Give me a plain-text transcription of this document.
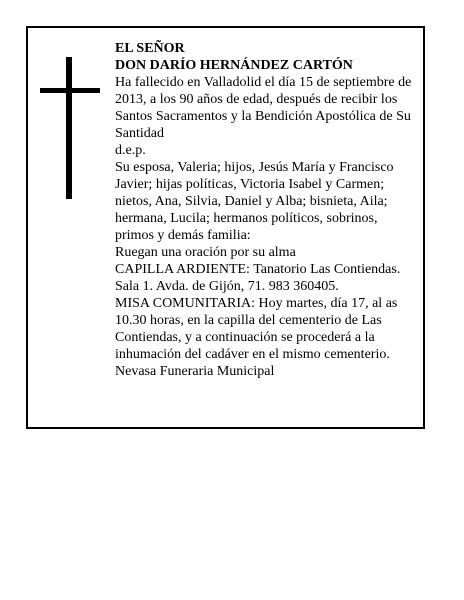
EL SEÑOR

DON DARÍO HERNÁNDEZ CARTÓN

Ha fallecido en Valladolid el día 15 de septiembre de 2013, a los 90 años de edad, después de recibir los Santos Sacramentos y la Bendición Apostólica de Su Santidad

d.e.p.

Su esposa, Valeria; hijos, Jesús María y Francisco Javier; hijas políticas, Victoria Isabel y Carmen; nietos, Ana, Silvia, Daniel y Alba; bisnieta, Aila; hermana, Lucila; hermanos políticos, sobrinos, primos y demás familia:

Ruegan una oración por su alma

CAPILLA ARDIENTE: Tanatorio Las Contiendas. Sala 1. Avda. de Gijón, 71. 983 360405.

MISA COMUNITARIA: Hoy martes, día 17, al as 10.30 horas, en la capilla del cementerio de Las Contiendas, y a continuación se procederá a la inhumación del cadáver en el mismo cementerio.

Nevasa Funeraria Municipal
